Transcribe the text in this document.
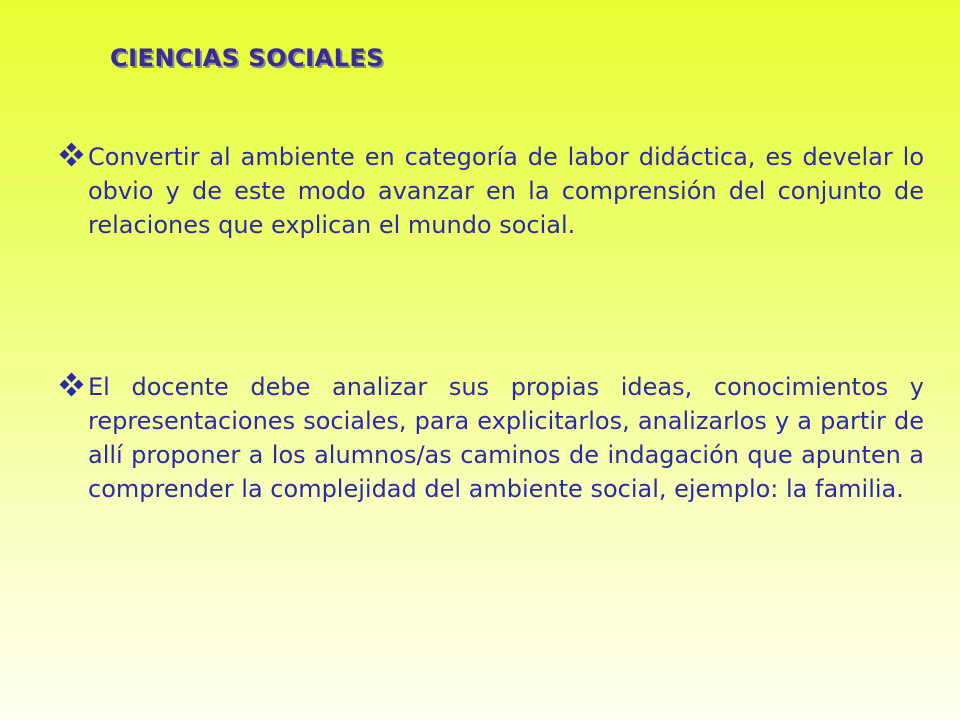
CIENCIAS SOCIALES

Convertir al ambiente en categoría de labor didáctica, es develar lo obvio y de este modo avanzar en la comprensión del conjunto de relaciones que explican el mundo social.

El docente debe analizar sus propias ideas, conocimientos y representaciones sociales, para explicitarlos, analizarlos y a partir de allí proponer a los alumnos/as caminos de indagación que apunten a comprender la complejidad del ambiente social, ejemplo: la familia.
